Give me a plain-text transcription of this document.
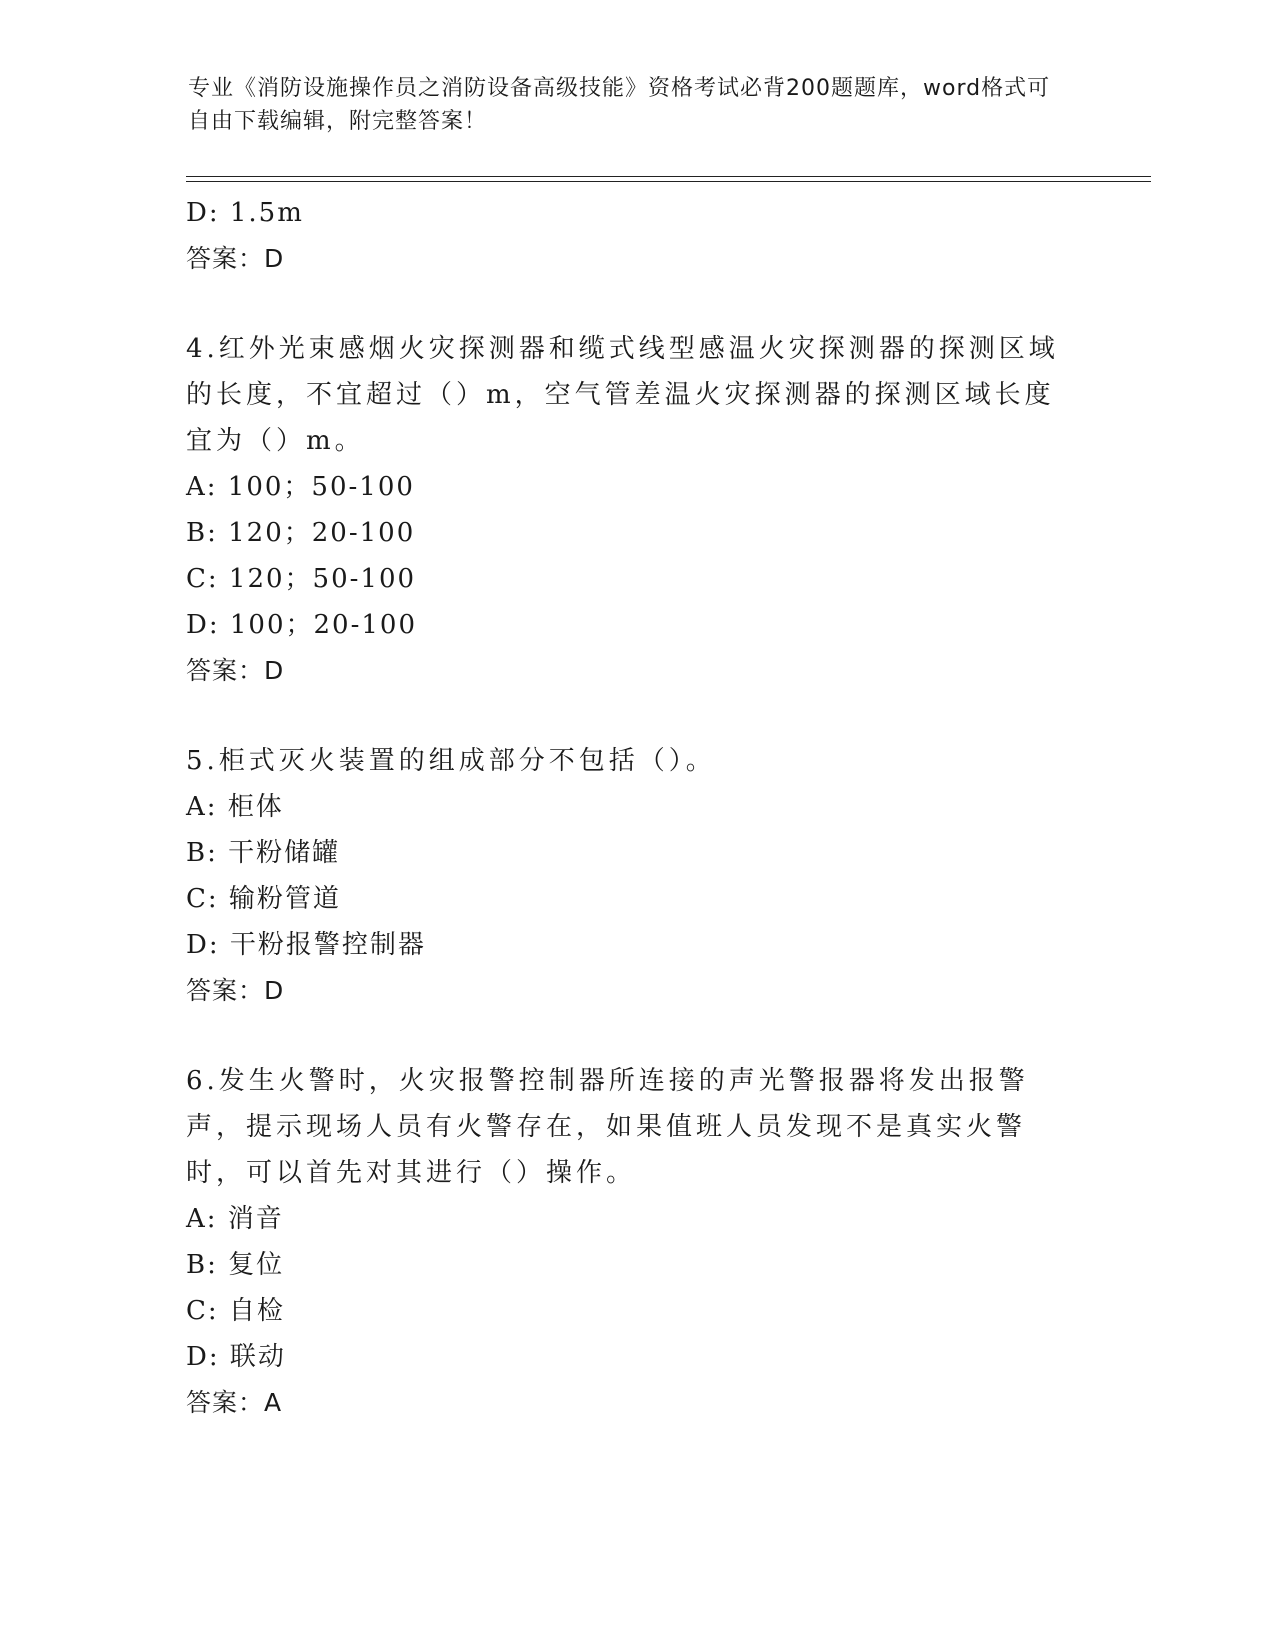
专业《消防设施操作员之消防设备高级技能》资格考试必背200题题库，word格式可自由下载编辑，附完整答案！
D: 1.5m
答案：D
4.红外光束感烟火灾探测器和缆式线型感温火灾探测器的探测区域的长度，不宜超过（）m，空气管差温火灾探测器的探测区域长度宜为（）m。
A: 100；50-100
B: 120；20-100
C: 120；50-100
D: 100；20-100
答案：D
5.柜式灭火装置的组成部分不包括（）。
A: 柜体
B: 干粉储罐
C: 输粉管道
D: 干粉报警控制器
答案：D
6.发生火警时，火灾报警控制器所连接的声光警报器将发出报警声，提示现场人员有火警存在，如果值班人员发现不是真实火警时，可以首先对其进行（）操作。
A: 消音
B: 复位
C: 自检
D: 联动
答案：A
